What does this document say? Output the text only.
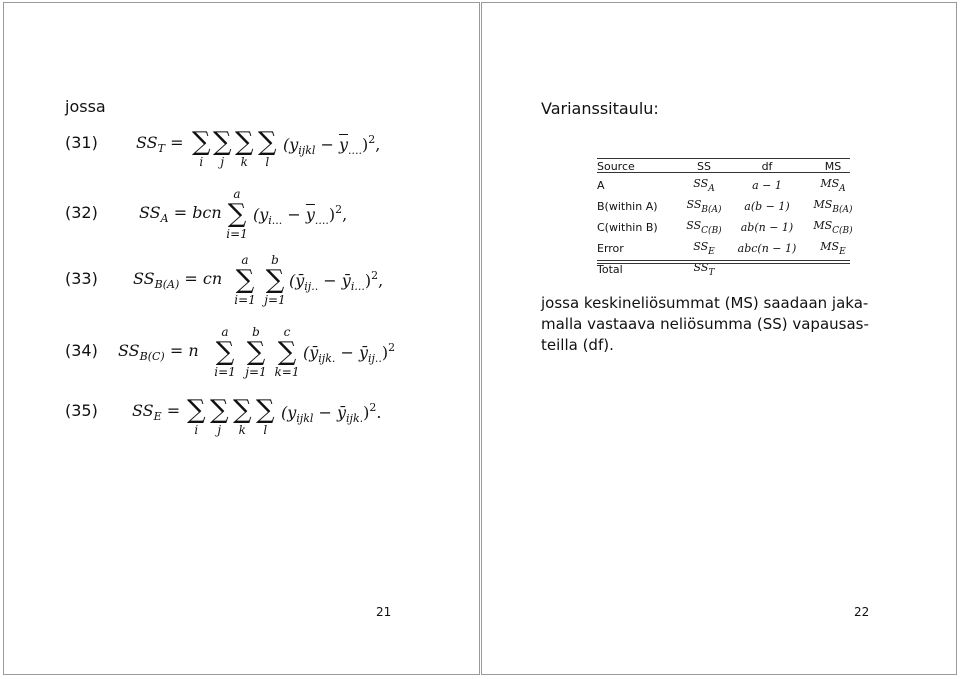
jossa
(31) $SS_T$ = ∑
i
∑
j
∑
k
∑
l
$(y_{ijkl} - \overline{y}_{....})^2$,
(32)	$SS_A$ = bcn
a
∑
i=1
$(y_{i...} - \overline{y}_{....})^2$,
(33) $SS_{B(A)}$ = cn
a
∑
i=1
b
∑
j=1
($ȳ_{ij..}$ − $ȳ_{i...})^2$,
(34) $SS_{B(C)} = n$
a
∑
i=1
b
∑
j=1
c
∑
k=1
($ȳ_{ijk.}$ − $ȳ_{ij..})^2$
(35) $SS_E$ = ∑
i
∑
j
∑
k
∑
l
($y_{ijkl}$ − $ȳ_{ijk.})^2$.
21
Varianssitaulu:
Source	SS	df	MS
A	$SS_A$	a − 1	$MS_A$
B(within A)	$SS_{B(A)}$	a(b − 1)	$MS_{B(A)}$
C(within B)	$SS_{C(B)}$	ab(n − 1)	$MS_{C(B)}$
Error	$SS_E$	abc(n − 1)	$MS_E$
Total	$SS_T$		
jossa keskineliösummat (MS) saadaan jaka-
malla vastaava neliösumma (SS) vapausas-
teilla (df).
22
